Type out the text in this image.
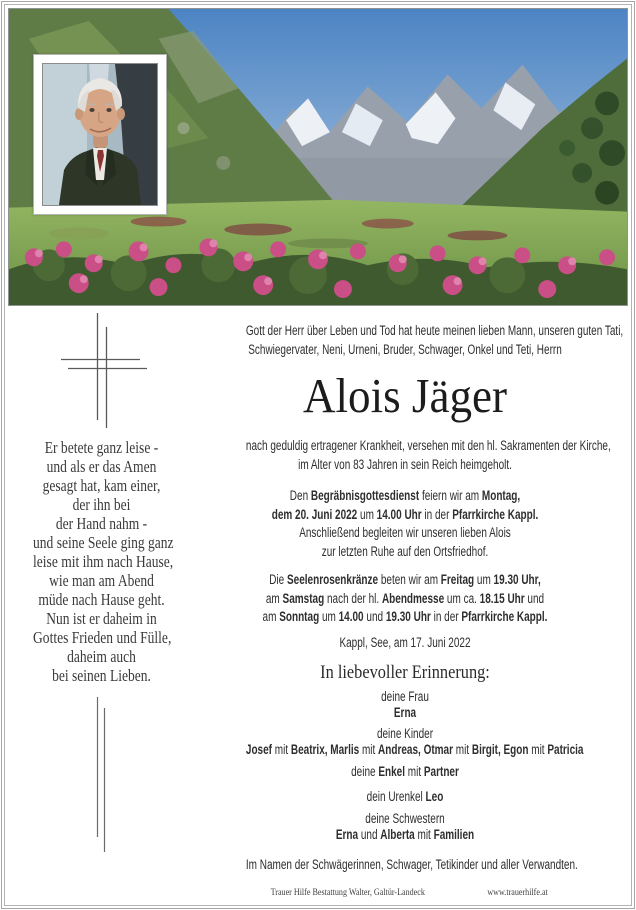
Er betete ganz leise -
und als er das Amen
gesagt hat, kam einer,
der ihn bei
der Hand nahm -
und seine Seele ging ganz
leise mit ihm nach Hause,
wie man am Abend
müde nach Hause geht.
Nun ist er daheim in
Gottes Frieden und Fülle,
daheim auch
bei seinen Lieben.
Gott der Herr über Leben und Tod hat heute meinen lieben Mann, unseren guten Tati,
Schwiegervater, Neni, Urneni, Bruder, Schwager, Onkel und Teti, Herrn
Alois Jäger
nach geduldig ertragener Krankheit, versehen mit den hl. Sakramenten der Kirche,
im Alter von 83 Jahren in sein Reich heimgeholt.
Den Begräbnisgottesdienst feiern wir am Montag,
dem 20. Juni 2022 um 14.00 Uhr in der Pfarrkirche Kappl.
Anschließend begleiten wir unseren lieben Alois
zur letzten Ruhe auf den Ortsfriedhof.
Die Seelenrosenkränze beten wir am Freitag um 19.30 Uhr,
am Samstag nach der hl. Abendmesse um ca. 18.15 Uhr und
am Sonntag um 14.00 und 19.30 Uhr in der Pfarrkirche Kappl.
Kappl, See, am 17. Juni 2022
In liebevoller Erinnerung:
deine Frau
Erna
deine Kinder
Josef mit Beatrix, Marlis mit Andreas, Otmar mit Birgit, Egon mit Patricia
deine Enkel mit Partner
dein Urenkel Leo
deine Schwestern
Erna und Alberta mit Familien
Im Namen der Schwägerinnen, Schwager, Tetikinder und aller Verwandten.
Trauer Hilfe Bestattung Walter, Galtür-Landeck	www.trauerhilfe.at
